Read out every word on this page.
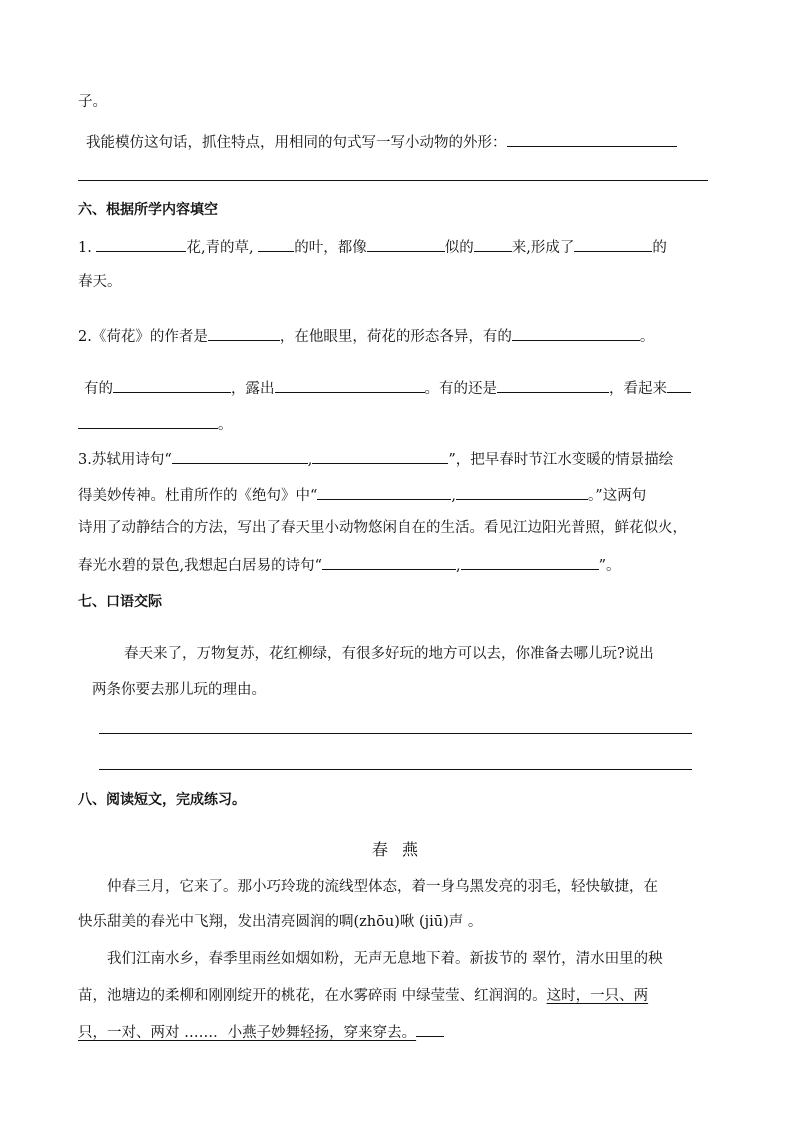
子。
我能模仿这句话，抓住特点，用相同的句式写一写小动物的外形：
六、根据所学内容填空
1.	花,青的草,	的叶，都像	似的	来,形成了	的
春天。
2.《荷花》的作者是	，在他眼里，荷花的形态各异，有的	。
有的	，露出	。有的还是	，看起来
。
3.苏轼用诗句“	,	”，把早春时节江水变暖的情景描绘
得美妙传神。杜甫所作的《绝句》中“	,	。”这两句
诗用了动静结合的方法，写出了春天里小动物悠闲自在的生活。看见江边阳光普照，鲜花似火，
春光水碧的景色,我想起白居易的诗句“	,	”。
七、口语交际
春天来了，万物复苏，花红柳绿，有很多好玩的地方可以去，你准备去哪儿玩?说出
两条你要去那儿玩的理由。
八、阅读短文，完成练习。
春燕
仲春三月，它来了。那小巧玲珑的流线型体态，着一身乌黑发亮的羽毛，轻快敏捷，在
快乐甜美的春光中飞翔，发出清亮圆润的啁(zhōu)啾 (jiū)声 。
我们江南水乡，春季里雨丝如烟如粉，无声无息地下着。新拔节的 翠竹，清水田里的秧
苗，池塘边的柔柳和刚刚绽开的桃花，在水雾碎雨 中绿莹莹、红润润的。这时，一只、两
只，一对、两对 ……．小燕子妙舞轻扬，穿来穿去。
